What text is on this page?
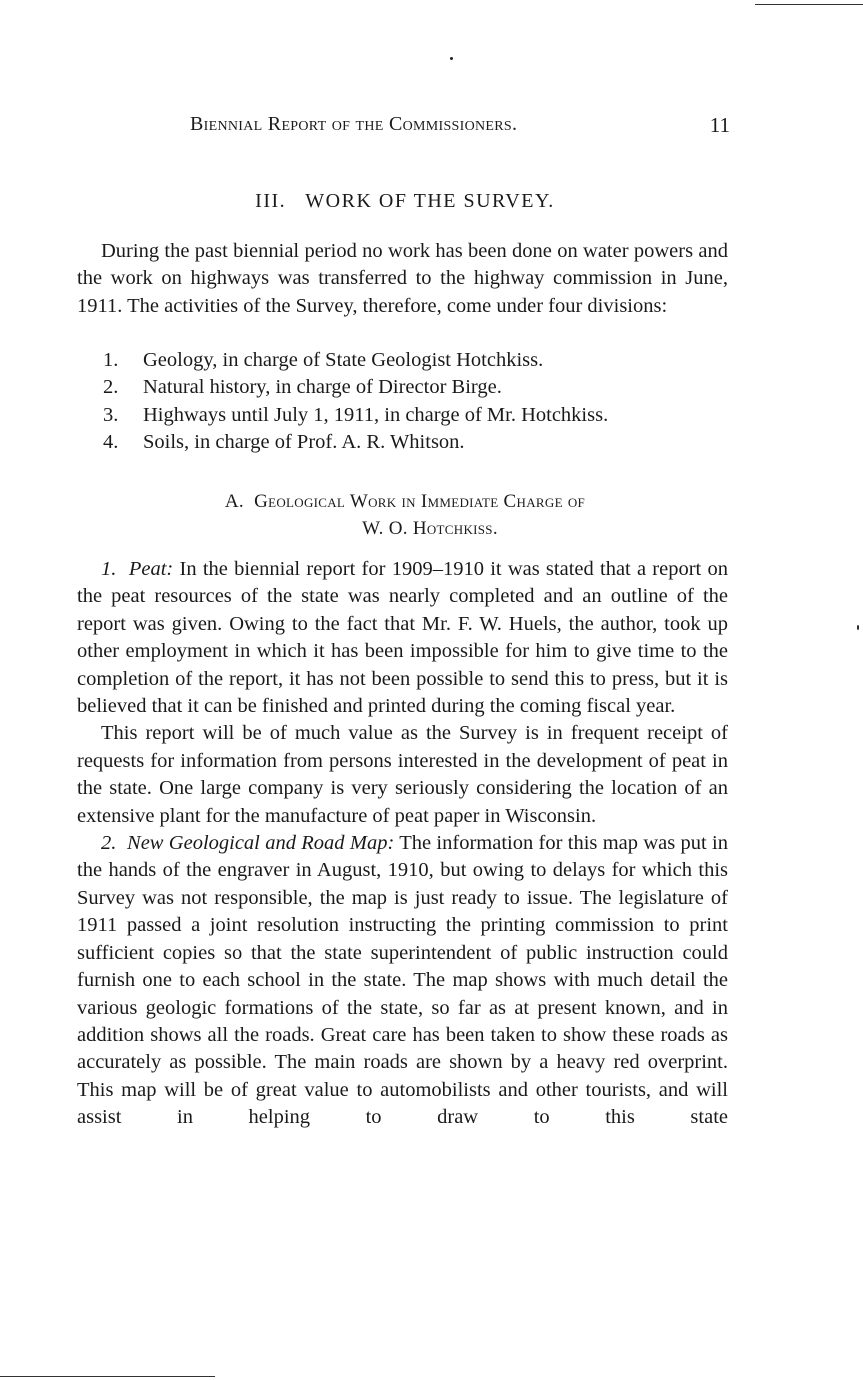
Biennial Report of the Commissioners.	11
III.   WORK OF THE SURVEY.

During the past biennial period no work has been done on water powers and the work on highways was transferred to the highway commission in June, 1911. The activities of the Survey, therefore, come under four divisions:

1. Geology, in charge of State Geologist Hotchkiss.
2. Natural history, in charge of Director Birge.
3. Highways until July 1, 1911, in charge of Mr. Hotchkiss.
4. Soils, in charge of Prof. A. R. Whitson.
A.  Geological Work in Immediate Charge of
W. O. Hotchkiss.

1.  Peat: In the biennial report for 1909–1910 it was stated that a report on the peat resources of the state was nearly completed and an outline of the report was given. Owing to the fact that Mr. F. W. Huels, the author, took up other employment in which it has been impossible for him to give time to the completion of the report, it has not been possible to send this to press, but it is believed that it can be finished and printed during the coming fiscal year.

This report will be of much value as the Survey is in frequent receipt of requests for information from persons interested in the development of peat in the state. One large company is very seriously considering the location of an extensive plant for the manufacture of peat paper in Wisconsin.

2.  New Geological and Road Map: The information for this map was put in the hands of the engraver in August, 1910, but owing to delays for which this Survey was not responsible, the map is just ready to issue. The legislature of 1911 passed a joint resolution instructing the printing commission to print sufficient copies so that the state superintendent of public instruction could furnish one to each school in the state. The map shows with much detail the various geologic formations of the state, so far as at present known, and in addition shows all the roads. Great care has been taken to show these roads as accurately as possible. The main roads are shown by a heavy red overprint. This map will be of great value to automobilists and other tourists, and will assist in helping to draw to this state
